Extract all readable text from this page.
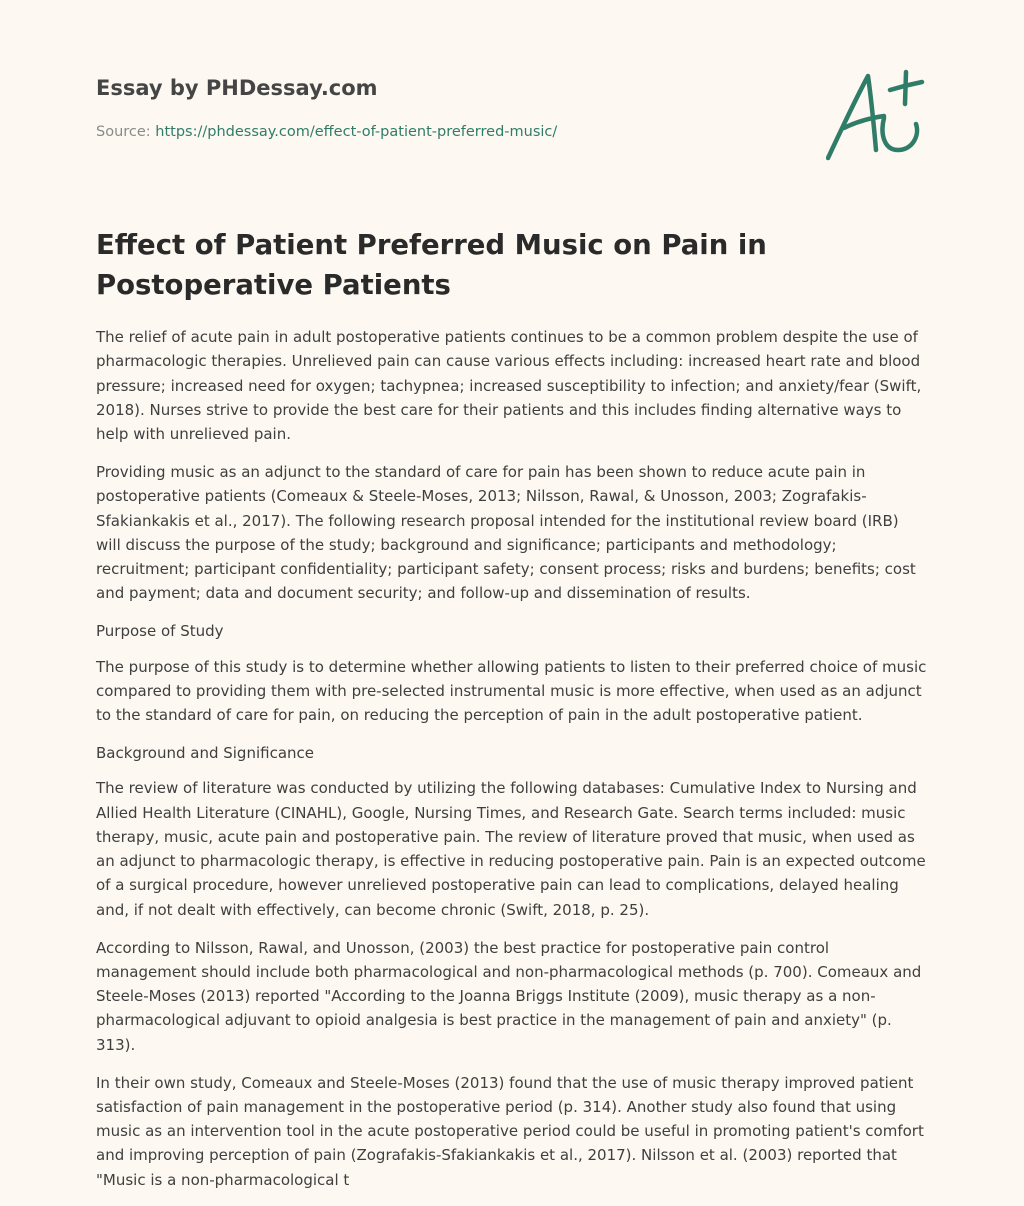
Essay by PHDessay.com

Source: https://phdessay.com/effect-of-patient-preferred-music/

Effect of Patient Preferred Music on Pain in Postoperative Patients

The relief of acute pain in adult postoperative patients continues to be a common problem despite the use of pharmacologic therapies. Unrelieved pain can cause various effects including: increased heart rate and blood pressure; increased need for oxygen; tachypnea; increased susceptibility to infection; and anxiety/fear (Swift, 2018). Nurses strive to provide the best care for their patients and this includes finding alternative ways to help with unrelieved pain.

Providing music as an adjunct to the standard of care for pain has been shown to reduce acute pain in postoperative patients (Comeaux & Steele-Moses, 2013; Nilsson, Rawal, & Unosson, 2003; Zografakis-Sfakiankakis et al., 2017). The following research proposal intended for the institutional review board (IRB) will discuss the purpose of the study; background and significance; participants and methodology; recruitment; participant confidentiality; participant safety; consent process; risks and burdens; benefits; cost and payment; data and document security; and follow-up and dissemination of results.

Purpose of Study

The purpose of this study is to determine whether allowing patients to listen to their preferred choice of music compared to providing them with pre-selected instrumental music is more effective, when used as an adjunct to the standard of care for pain, on reducing the perception of pain in the adult postoperative patient.

Background and Significance

The review of literature was conducted by utilizing the following databases: Cumulative Index to Nursing and Allied Health Literature (CINAHL), Google, Nursing Times, and Research Gate. Search terms included: music therapy, music, acute pain and postoperative pain. The review of literature proved that music, when used as an adjunct to pharmacologic therapy, is effective in reducing postoperative pain. Pain is an expected outcome of a surgical procedure, however unrelieved postoperative pain can lead to complications, delayed healing and, if not dealt with effectively, can become chronic (Swift, 2018, p. 25).

According to Nilsson, Rawal, and Unosson, (2003) the best practice for postoperative pain control management should include both pharmacological and non-pharmacological methods (p. 700). Comeaux and Steele-Moses (2013) reported "According to the Joanna Briggs Institute (2009), music therapy as a non-pharmacological adjuvant to opioid analgesia is best practice in the management of pain and anxiety" (p. 313).

In their own study, Comeaux and Steele-Moses (2013) found that the use of music therapy improved patient satisfaction of pain management in the postoperative period (p. 314). Another study also found that using music as an intervention tool in the acute postoperative period could be useful in promoting patient's comfort and improving perception of pain (Zografakis-Sfakiankakis et al., 2017). Nilsson et al. (2003) reported that "Music is a non-pharmacological t
